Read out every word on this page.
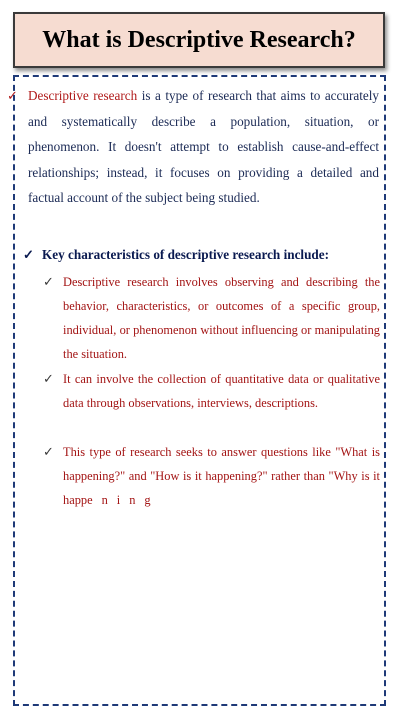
What is Descriptive Research?
✓ Descriptive research is a type of research that aims to accurately and systematically describe a population, situation, or phenomenon. It doesn't attempt to establish cause-and-effect relationships; instead, it focuses on providing a detailed and factual account of the subject being studied.
✓ Key characteristics of descriptive research include:
✓ Descriptive research involves observing and describing the behavior, characteristics, or outcomes of a specific group, individual, or phenomenon without influencing or manipulating the situation.
✓ It can involve the collection of quantitative data or qualitative data through observations, interviews, descriptions.
✓ This type of research seeks to answer questions like "What is happening?" and "How is it happening?" rather than "Why is it happening
